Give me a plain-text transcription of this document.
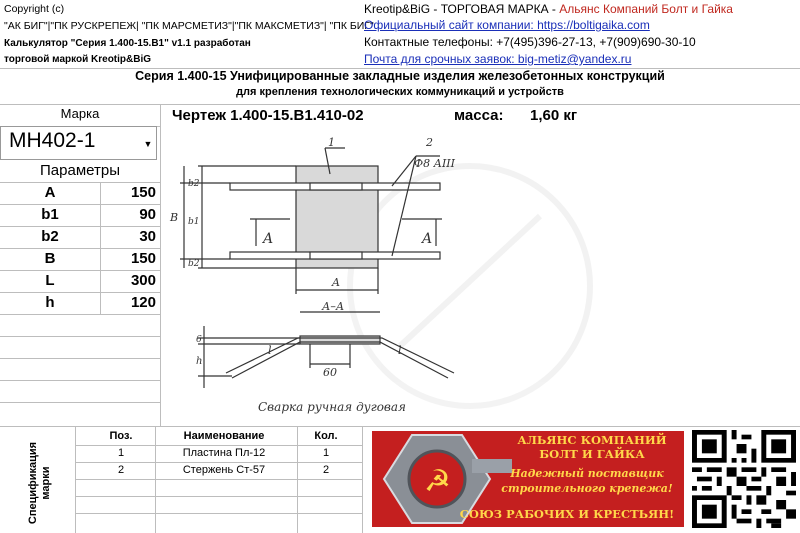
Copyright (c)
"АК БИГ"|"ПК РУСКРЕПЕЖ| "ПК МАРСМЕТИЗ"|"ПК МАКСМЕТИЗ"| "ПК БИГ"
Калькулятор "Серия 1.400-15.В1" v1.1 разработан
торговой маркой Kreotip&BiG
Kreotip&BiG - ТОРГОВАЯ МАРКА - Альянс Компаний Болт и Гайка
Официальный сайт компании: https://boltigaika.com
Контактные телефоны: +7(495)396-27-13, +7(909)690-30-10
Почта для срочных заявок: big-metiz@yandex.ru
Серия 1.400-15 Унифицированные закладные изделия железобетонных конструкций
для крепления технологических коммуникаций и устройств
Чертеж 1.400-15.В1.410-02	масса: 1,60 кг
Марка
МН402-1	▼
Параметры
A	150
b1	90
b2	30
B	150
L	300
h	120
1	2
Ф8 АIII
A	A
B
b2
b1
b2
A
А–А
6
h
60
l	l
Сварка ручная дуговая
Спецификация марки
Поз.	Наименование	Кол.
1	Пластина Пл-12	1
2	Стержень Ст-57	2	☭
АЛЬЯНС КОМПАНИЙ
БОЛТ И ГАЙКА
Надежный поставщик
строительного крепежа!
СОЮЗ РАБОЧИХ И КРЕСТЬЯН!
